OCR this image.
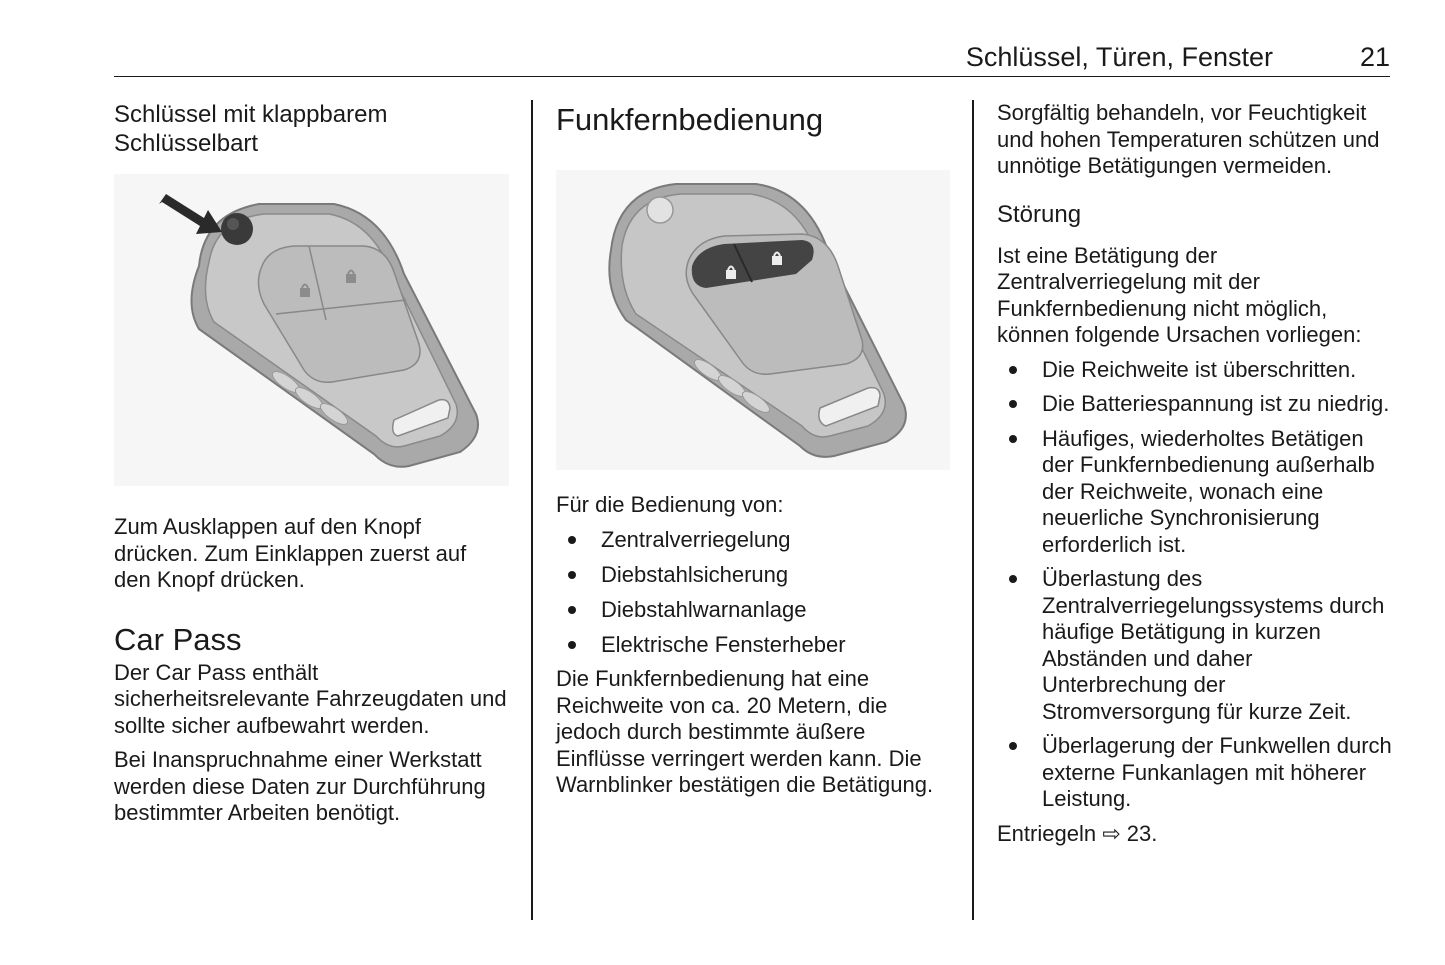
Schlüssel, Türen, Fenster	21

Schlüssel mit klappbarem Schlüsselbart

Zum Ausklappen auf den Knopf drücken. Zum Einklappen zuerst auf den Knopf drücken.

Car Pass

Der Car Pass enthält sicherheitsrelevante Fahrzeugdaten und sollte sicher aufbewahrt werden.

Bei Inanspruchnahme einer Werkstatt werden diese Daten zur Durchführung bestimmter Arbeiten benötigt.

Funkfernbedienung

Für die Bedienung von:

Zentralverriegelung
Diebstahlsicherung
Diebstahlwarnanlage
Elektrische Fensterheber

Die Funkfernbedienung hat eine Reichweite von ca. 20 Metern, die jedoch durch bestimmte äußere Einflüsse verringert werden kann. Die Warnblinker bestätigen die Betätigung.

Sorgfältig behandeln, vor Feuchtigkeit und hohen Temperaturen schützen und unnötige Betätigungen vermeiden.

Störung

Ist eine Betätigung der Zentralverriegelung mit der Funkfernbedienung nicht möglich, können folgende Ursachen vorliegen:

Die Reichweite ist überschritten.
Die Batteriespannung ist zu niedrig.
Häufiges, wiederholtes Betätigen der Funkfernbedienung außerhalb der Reichweite, wonach eine neuerliche Synchronisierung erforderlich ist.
Überlastung des Zentralverriegelungssystems durch häufige Betätigung in kurzen Abständen und daher Unterbrechung der Stromversorgung für kurze Zeit.
Überlagerung der Funkwellen durch externe Funkanlagen mit höherer Leistung.

Entriegeln ⇨ 23.
